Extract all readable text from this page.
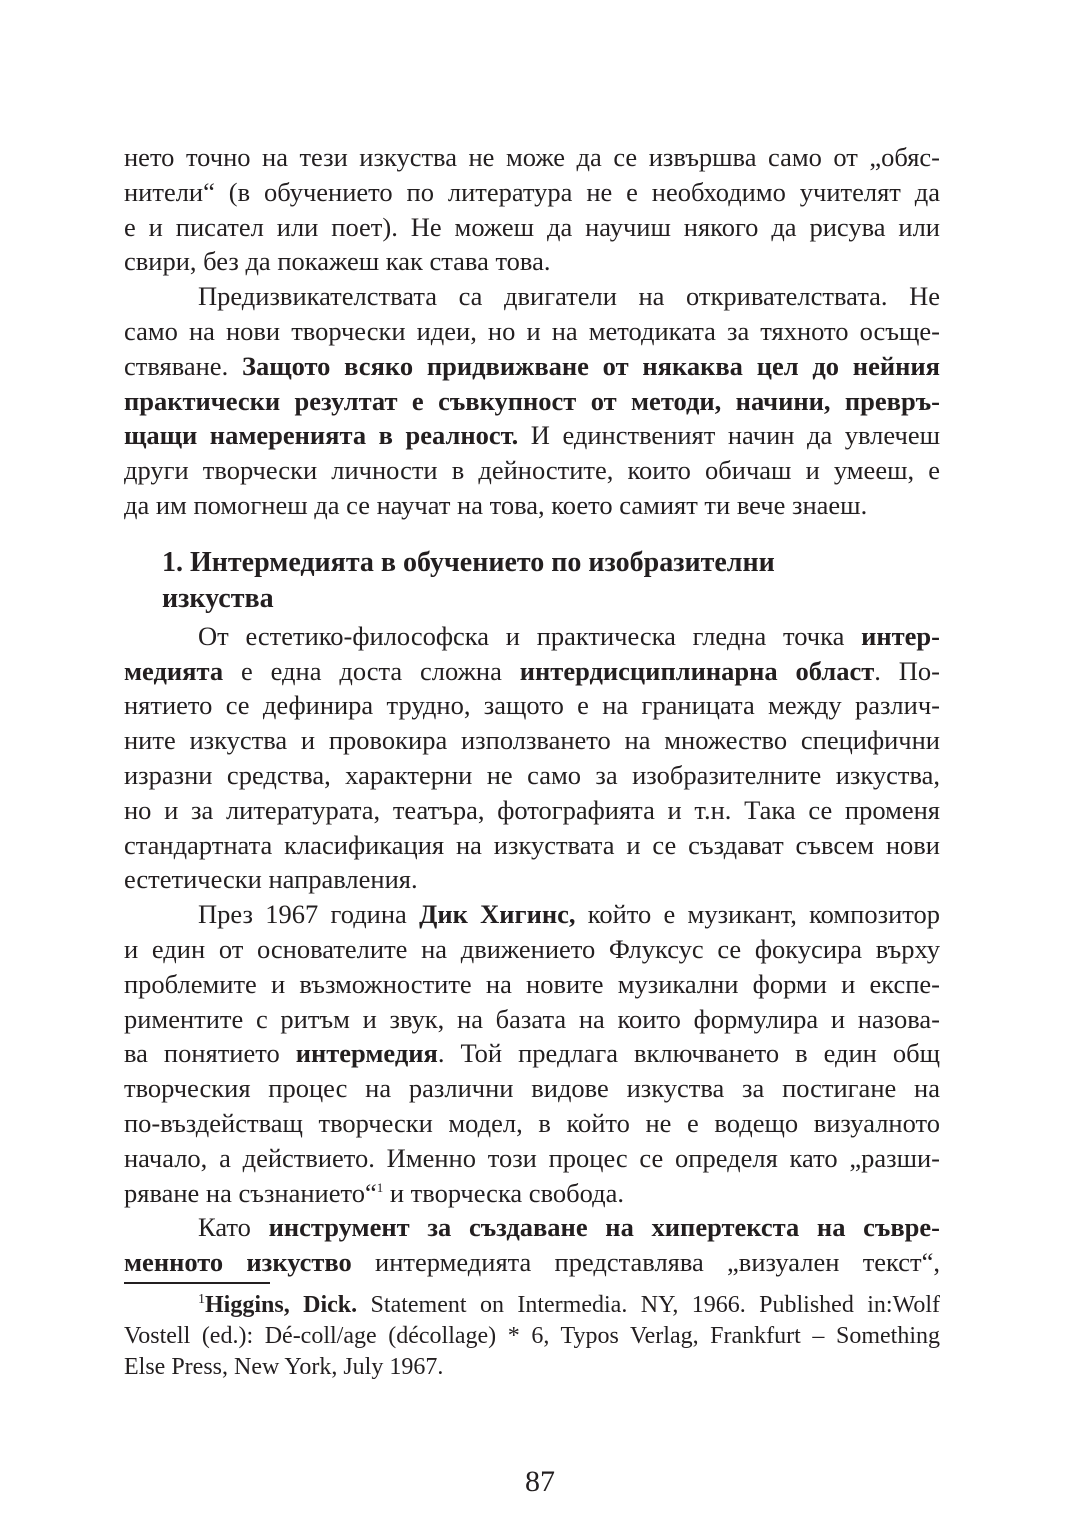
нето точно на тези изкуства не може да се извършва само от „обяс-
нители“ (в обучението по литература не е необходимо учителят да
е и писател или поет). Не можеш да научиш някого да рисува или
свири, без да покажеш как става това.
Предизвикателствата са двигатели на откривателствата. Не
само на нови творчески идеи, но и на методиката за тяхното осъще-
ствяване. Защото всяко придвижване от някаква цел до нейния
практически резултат е съвкупност от методи, начини, превръ-
щащи намеренията в реалност. И единственият начин да увлечеш
други творчески личности в дейностите, които обичаш и умееш, е
да им помогнеш да се научат на това, което самият ти вече знаеш.
1. Интермедията в обучението по изобразителни
изкуства
От естетико-философска и практическа гледна точка интер-
медията е една доста сложна интердисциплинарна област. По-
нятието се дефинира трудно, защото е на границата между различ-
ните изкуства и провокира използването на множество специфични
изразни средства, характерни не само за изобразителните изкуства,
но и за литературата, театъра, фотографията и т.н. Така се променя
стандартната класификация на изкуствата и се създават съвсем нови
естетически направления.
През 1967 година Дик Хигинс, който е музикант, композитор
и един от основателите на движението Флуксус се фокусира върху
проблемите и възможностите на новите музикални форми и експе-
риментите с ритъм и звук, на базата на които формулира и назова-
ва понятието интермедия. Той предлага включването в един общ
творческия процес на различни видове изкуства за постигане на
по-въздействащ творчески модел, в който не е водещо визуалното
начало, а действието. Именно този процес се определя като „разши-
ряване на съзнанието“$^1$ и творческа свобода.
Като инструмент за създаване на хипертекста на съвре-
менното изкуство интермедията представлява „визуален текст“,
$^1$Higgins, Dick. Statement on Intermedia. NY, 1966. Published in:Wolf
Vostell (ed.): Dé-coll/age (décollage) * 6, Typos Verlag, Frankfurt – Something
Else Press, New York, July 1967.
87
